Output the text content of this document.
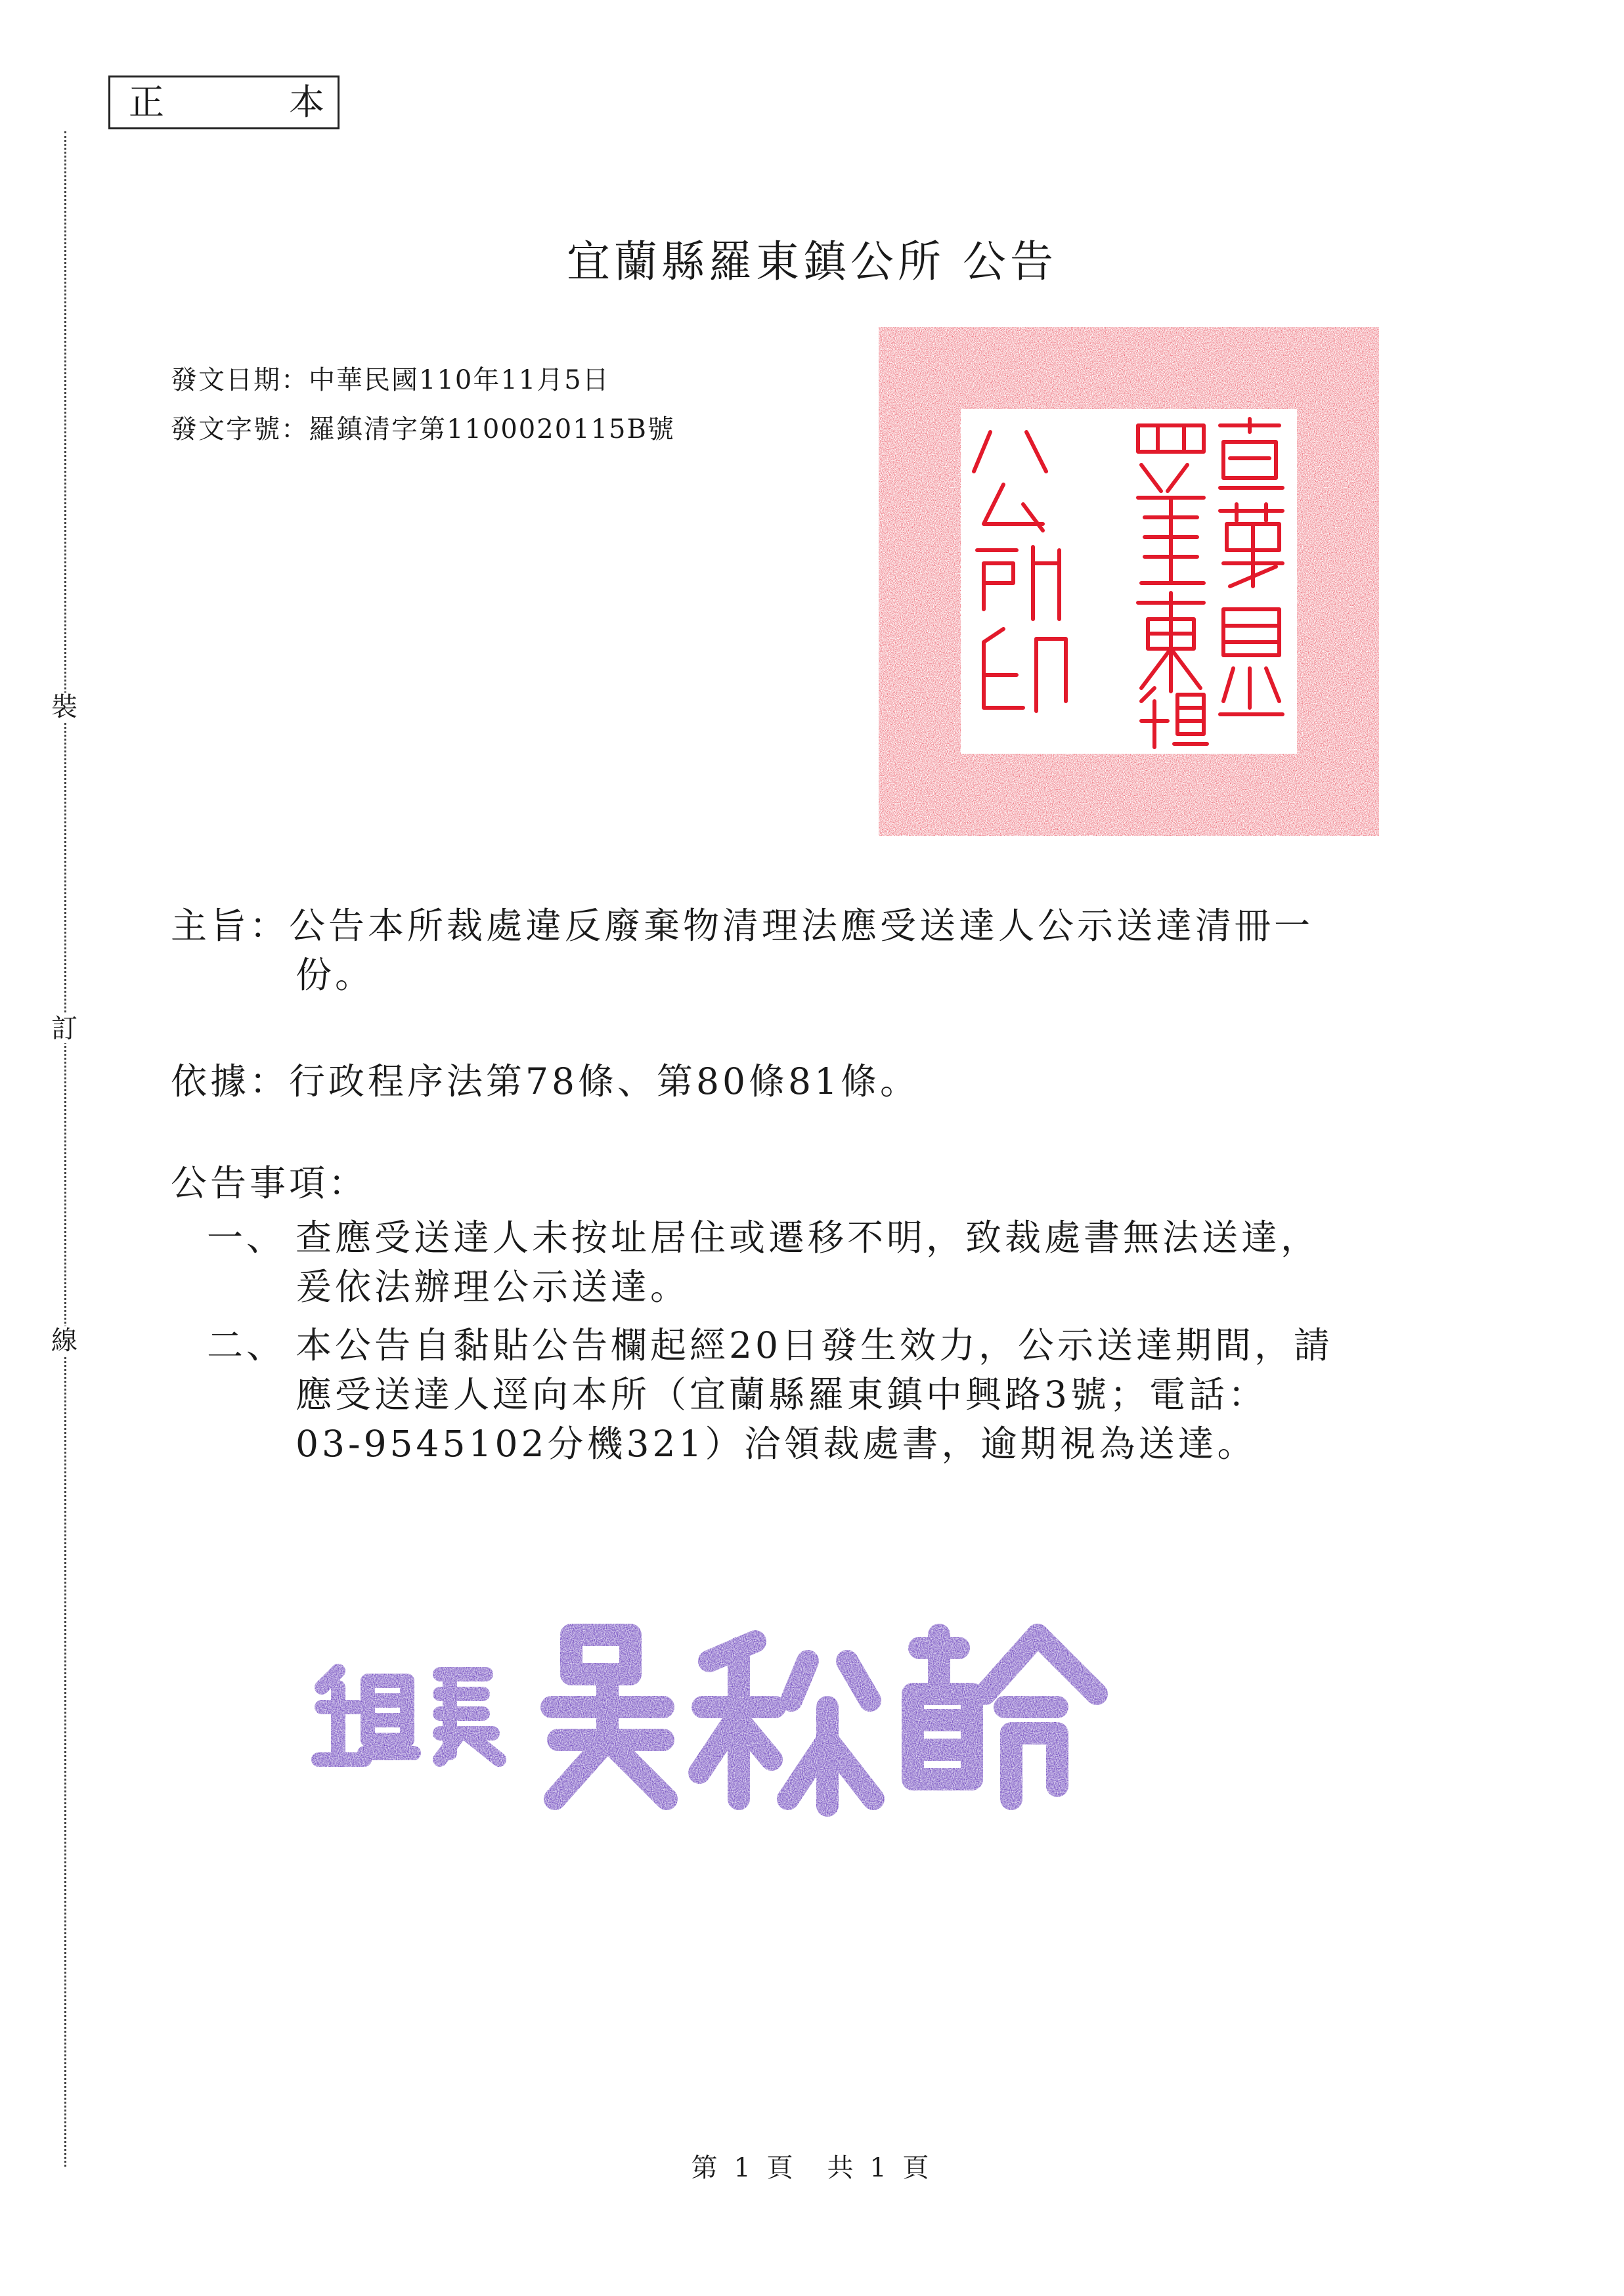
正	本
裝
訂
線
宜蘭縣羅東鎮公所 公告
發文日期：中華民國110年11月5日
發文字號：羅鎮清字第1100020115B號
主旨：公告本所裁處違反廢棄物清理法應受送達人公示送達清冊一
份。
依據：行政程序法第78條、第80條81條。
公告事項：
一、 查應受送達人未按址居住或遷移不明，致裁處書無法送達，
爰依法辦理公示送達。
二、 本公告自黏貼公告欄起經20日發生效力，公示送達期間，請
應受送達人逕向本所（宜蘭縣羅東鎮中興路3號；電話：
03-9545102分機321）洽領裁處書，逾期視為送達。
第 1 頁　共 1 頁
